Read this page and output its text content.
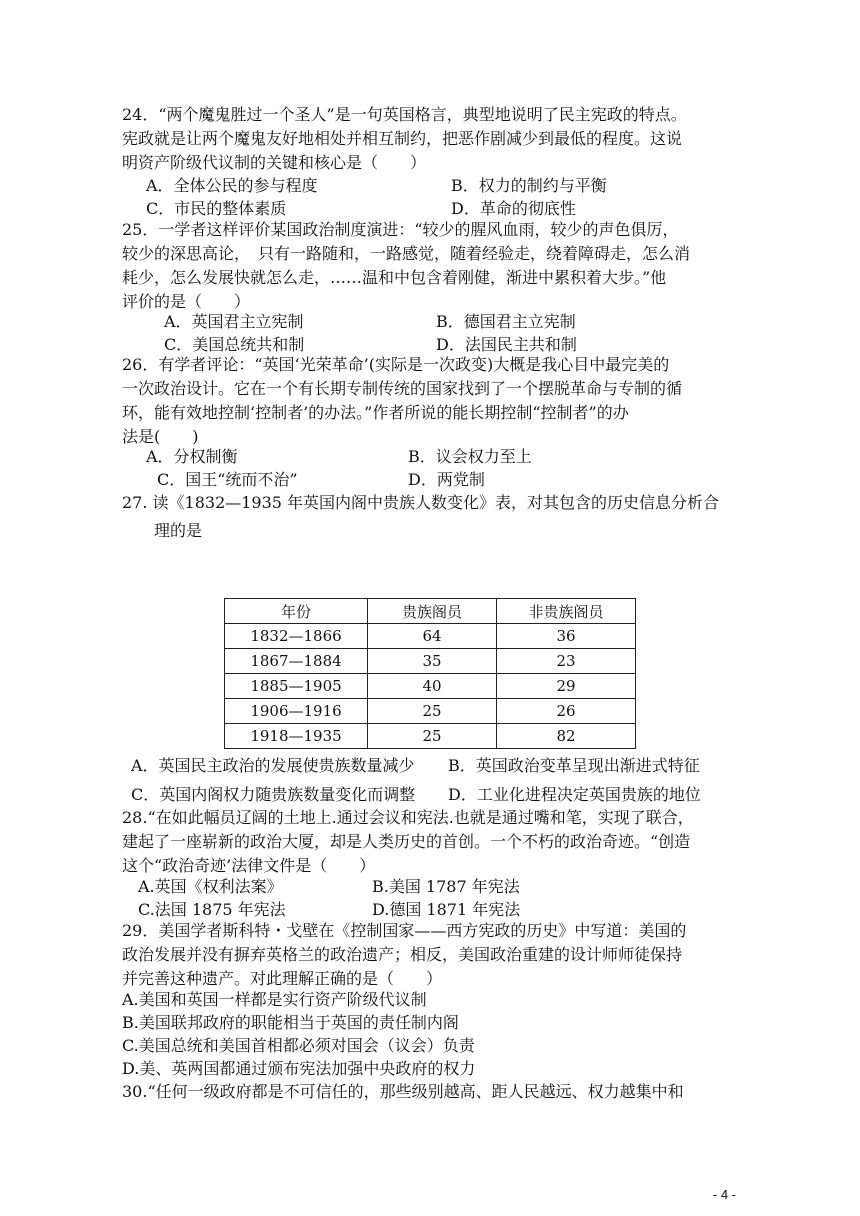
24．“两个魔鬼胜过一个圣人”是一句英国格言，典型地说明了民主宪政的特点。
宪政就是让两个魔鬼友好地相处并相互制约，把恶作剧减少到最低的程度。这说
明资产阶级代议制的关键和核心是（　　）
A．全体公民的参与程度	B．权力的制约与平衡
C．市民的整体素质	D．革命的彻底性
25．一学者这样评价某国政治制度演进：“较少的腥风血雨，较少的声色俱厉，
较少的深思高论，　只有一路随和，一路感觉，随着经验走，绕着障碍走，怎么消
耗少，怎么发展快就怎么走，……温和中包含着刚健，渐进中累积着大步。”他
评价的是（　　）
A．英国君主立宪制	B．德国君主立宪制
C．美国总统共和制	D．法国民主共和制
26．有学者评论：“英国‘光荣革命’(实际是一次政变)大概是我心目中最完美的
一次政治设计。它在一个有长期专制传统的国家找到了一个摆脱革命与专制的循
环，能有效地控制‘控制者’的办法。”作者所说的能长期控制“控制者”的办
法是(　　)
A．分权制衡	B．议会权力至上
C．国王“统而不治”	D．两党制
27. 读《1832—1935 年英国内阁中贵族人数变化》表，对其包含的历史信息分析合
理的是
年份	贵族阁员	非贵族阁员
1832—1866	64	36
1867—1884	35	23
1885—1905	40	29
1906—1916	25	26
1918—1935	25	82
A．英国民主政治的发展使贵族数量减少 B．英国政治变革呈现出渐进式特征
C．英国内阁权力随贵族数量变化而调整 D．工业化进程决定英国贵族的地位
28.“在如此幅员辽阔的土地上.通过会议和宪法.也就是通过嘴和笔，实现了联合，
建起了一座崭新的政治大厦，却是人类历史的首创。一个不朽的政治奇迹。“创造
这个“政治奇迹’法律文件是（　　）
A.英国《权利法案》	B.美国 1787 年宪法
C.法国 1875 年宪法	D.德国 1871 年宪法
29．美国学者斯科特・戈壁在《控制国家——西方宪政的历史》中写道：美国的
政治发展并没有摒弃英格兰的政治遗产；相反，美国政治重建的设计师师徒保持
并完善这种遗产。对此理解正确的是（　　）
A.美国和英国一样都是实行资产阶级代议制
B.美国联邦政府的职能相当于英国的责任制内阁
C.美国总统和美国首相都必须对国会（议会）负责
D.美、英两国都通过颁布宪法加强中央政府的权力
30.“任何一级政府都是不可信任的，那些级别越高、距人民越远、权力越集中和
- 4 -
